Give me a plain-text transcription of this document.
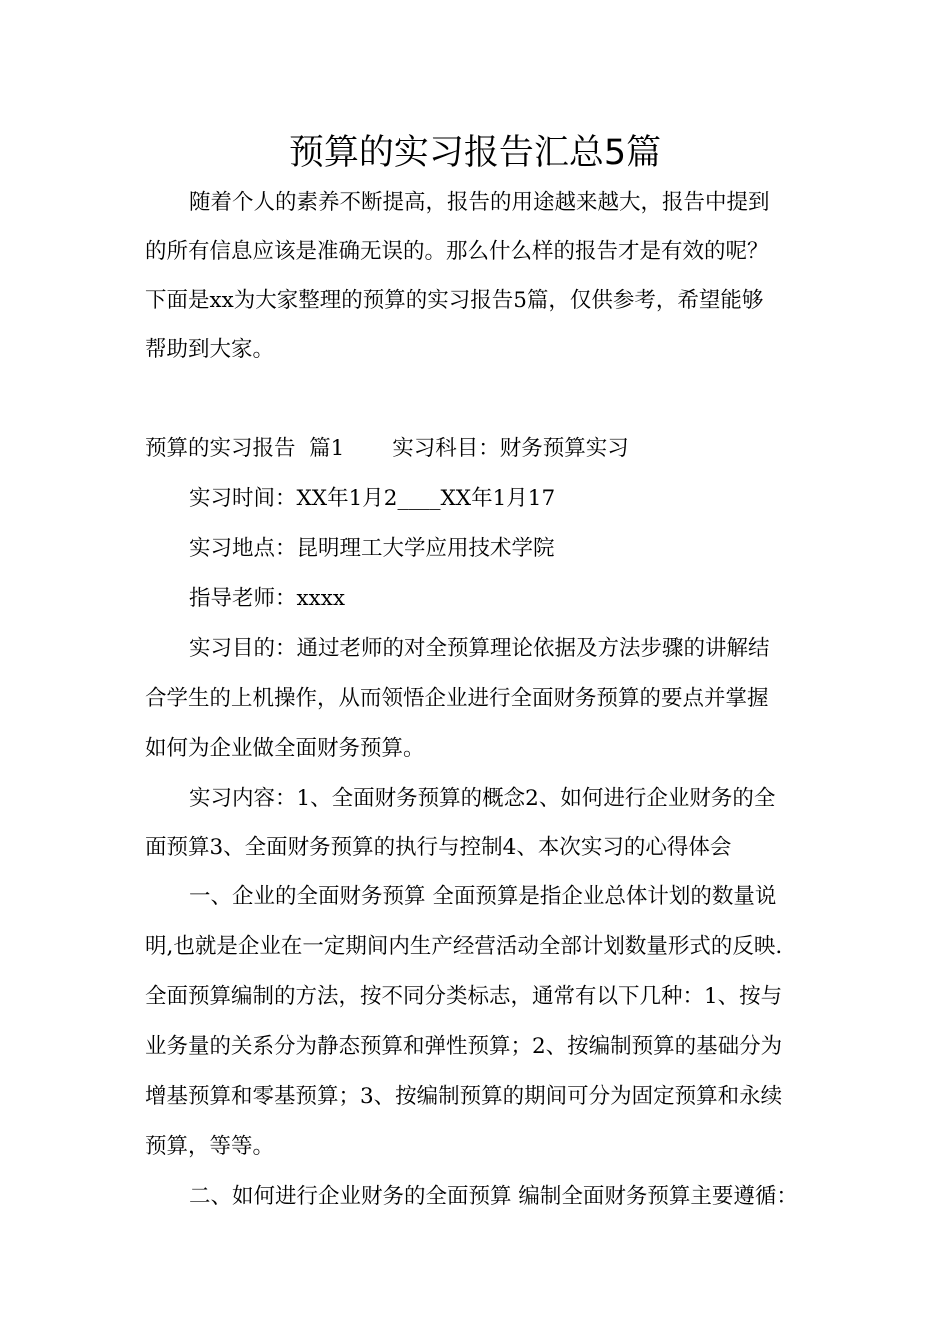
预算的实习报告汇总5篇
随着个人的素养不断提高，报告的用途越来越大，报告中提到
的所有信息应该是准确无误的。那么什么样的报告才是有效的呢？
下面是xx为大家整理的预算的实习报告5篇，仅供参考，希望能够
帮助到大家。
预算的实习报告  篇1       实习科目：财务预算实习
实习时间：XX年1月2____XX年1月17
实习地点：昆明理工大学应用技术学院
指导老师：xxxx
实习目的：通过老师的对全预算理论依据及方法步骤的讲解结
合学生的上机操作，从而领悟企业进行全面财务预算的要点并掌握
如何为企业做全面财务预算。
实习内容：1、全面财务预算的概念2、如何进行企业财务的全
面预算3、全面财务预算的执行与控制4、本次实习的心得体会
一、企业的全面财务预算 全面预算是指企业总体计划的数量说
明,也就是企业在一定期间内生产经营活动全部计划数量形式的反映.
全面预算编制的方法，按不同分类标志，通常有以下几种：1、按与
业务量的关系分为静态预算和弹性预算；2、按编制预算的基础分为
增基预算和零基预算；3、按编制预算的期间可分为固定预算和永续
预算，等等。
二、如何进行企业财务的全面预算 编制全面财务预算主要遵循：
